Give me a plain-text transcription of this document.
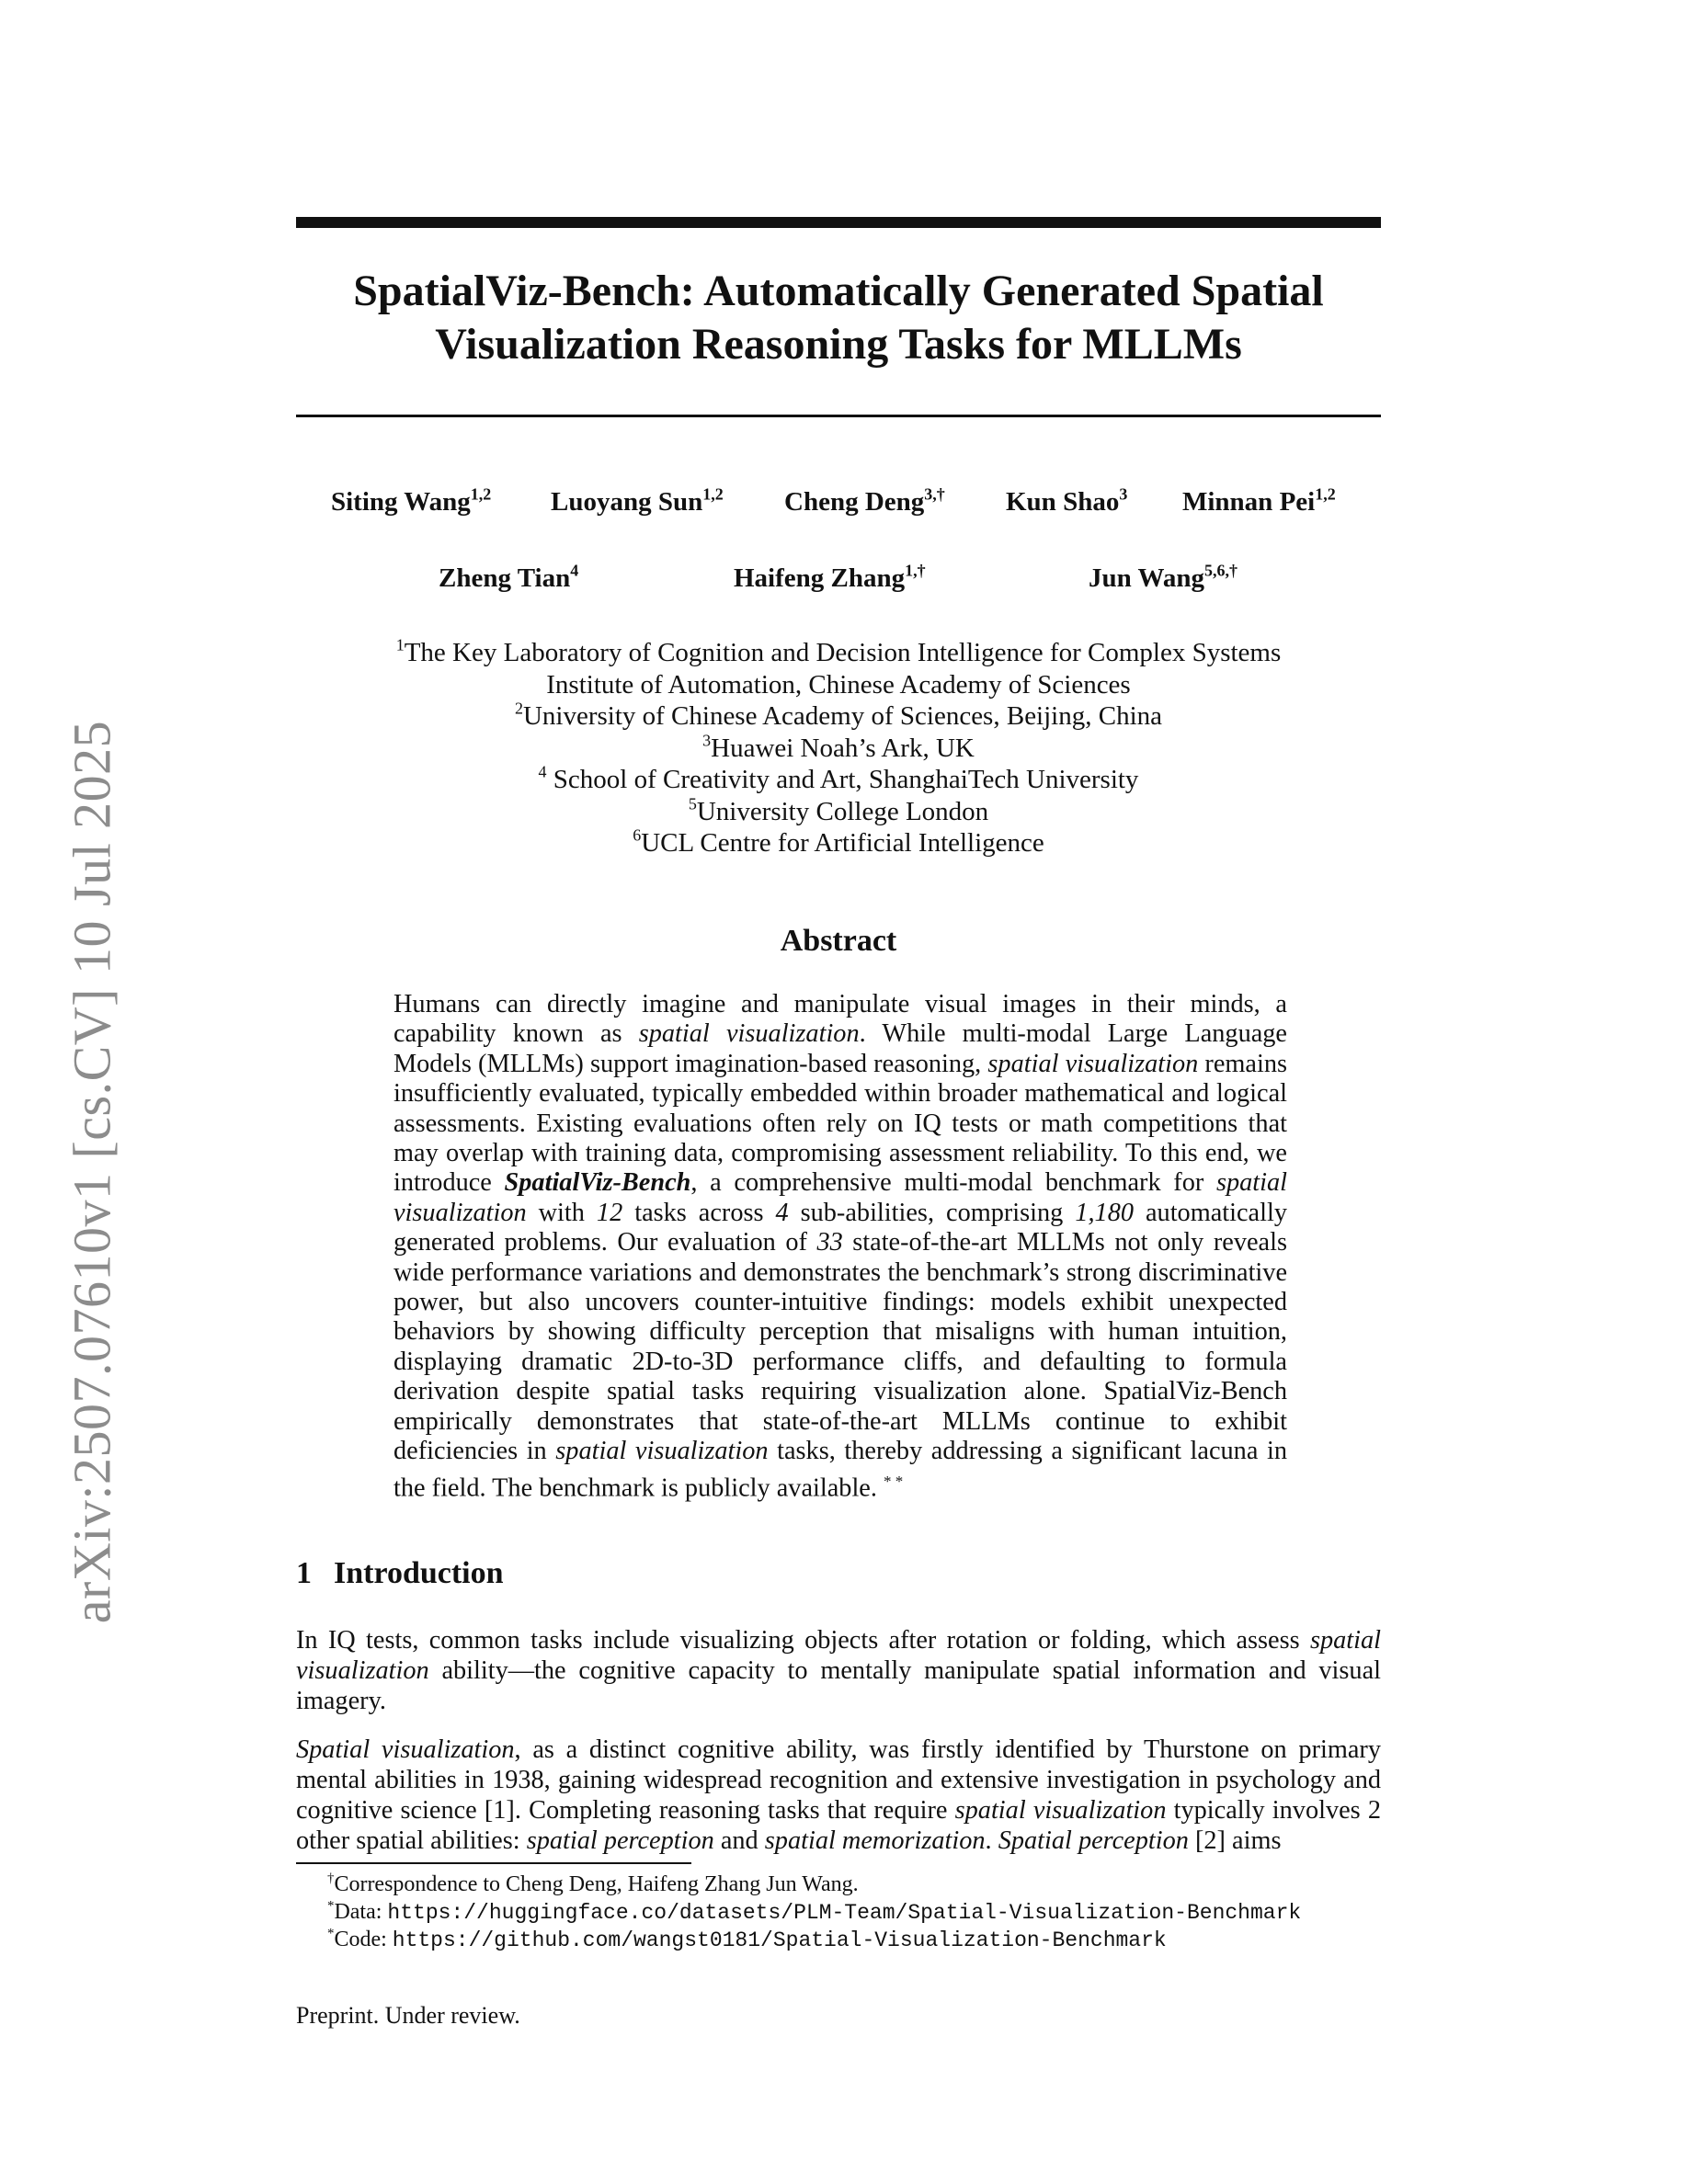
arXiv:2507.07610v1 [cs.CV] 10 Jul 2025
SpatialViz-Bench: Automatically Generated Spatial
Visualization Reasoning Tasks for MLLMs
Siting Wang$^{1,2}$ Luoyang Sun$^{1,2}$ Cheng Deng$^{3,\dagger}$ Kun Shao$^3$ Minnan Pei$^{1,2}$
Zheng Tian$^4$	Haifeng Zhang$^{1,\dagger}$	Jun Wang$^{5,6,\dagger}$
$^1$The Key Laboratory of Cognition and Decision Intelligence for Complex Systems
Institute of Automation, Chinese Academy of Sciences
$^2$University of Chinese Academy of Sciences, Beijing, China
$^3$Huawei Noah’s Ark, UK
$^4$ School of Creativity and Art, ShanghaiTech University
$^5$University College London
$^6$UCL Centre for Artificial Intelligence
Abstract
Humans can directly imagine and manipulate visual images in their minds, a capability known as spatial visualization. While multi-modal Large Language Models (MLLMs) support imagination-based reasoning, spatial visualization remains insufficiently evaluated, typically embedded within broader mathematical and logical assessments. Existing evaluations often rely on IQ tests or math competitions that may overlap with training data, compromising assessment reliability. To this end, we introduce SpatialViz-Bench, a comprehensive multi-modal benchmark for spatial visualization with 12 tasks across 4 sub-abilities, comprising 1,180 automatically generated problems. Our evaluation of 33 state-of-the-art MLLMs not only reveals wide performance variations and demonstrates the benchmark’s strong discriminative power, but also uncovers counter-intuitive findings: models exhibit unexpected behaviors by showing difficulty perception that misaligns with human intuition, displaying dramatic 2D-to-3D performance cliffs, and defaulting to formula derivation despite spatial tasks requiring visualization alone. SpatialViz-Bench empirically demonstrates that state-of-the-art MLLMs continue to exhibit deficiencies in spatial visualization tasks, thereby addressing a significant lacuna in the field. The benchmark is publicly available. * *
1 Introduction
In IQ tests, common tasks include visualizing objects after rotation or folding, which assess spatial visualization ability—the cognitive capacity to mentally manipulate spatial information and visual imagery.
Spatial visualization, as a distinct cognitive ability, was firstly identified by Thurstone on primary mental abilities in 1938, gaining widespread recognition and extensive investigation in psychology and cognitive science [1]. Completing reasoning tasks that require spatial visualization typically involves 2 other spatial abilities: spatial perception and spatial memorization. Spatial perception [2] aims
†Correspondence to Cheng Deng, Haifeng Zhang Jun Wang.
*Data: https://huggingface.co/datasets/PLM-Team/Spatial-Visualization-Benchmark
*Code: https://github.com/wangst0181/Spatial-Visualization-Benchmark
Preprint. Under review.
